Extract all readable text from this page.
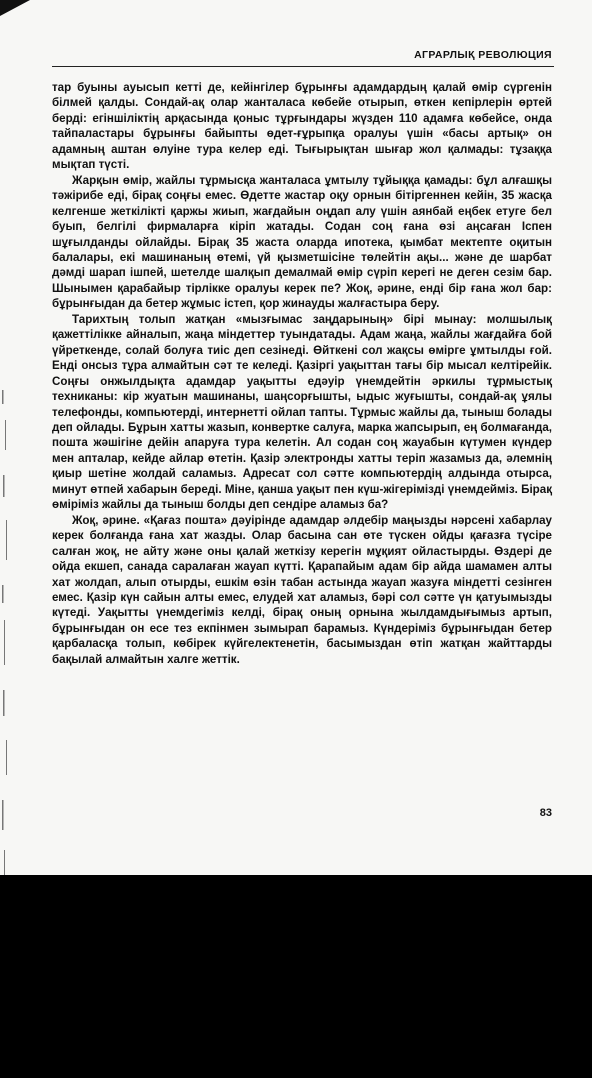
АГРАРЛЫҚ РЕВОЛЮЦИЯ

тар буыны ауысып кетті де, кейінгілер бұрынғы адамдардың қалай өмір сүргенін білмей қалды. Сондай-ақ олар жанталаса көбейе отырып, өткен кепірлерін өртей берді: егіншіліктің арқасында қоныс тұрғындары жүзден 110 адамға көбейсе, онда тайпаластары бұрынғы байыпты өдет-ғұрыпқа оралуы үшін «басы артық» он адамның аштан өлуіне тура келер еді. Тығырықтан шығар жол қалмады: тұзаққа мықтап түсті.

Жарқын өмір, жайлы тұрмысқа жанталаса ұмтылу тұйыққа қамады: бұл алғашқы тәжірибе еді, бірақ соңғы емес. Өдетте жастар оқу орнын бітіргеннен кейін, 35 жасқа келгенше жеткілікті қаржы жиып, жағдайын оңдап алу үшін аянбай еңбек етуге бел буып, белгілі фирмаларға кіріп жатады. Содан соң ғана өзі аңсаған Іспен шұғылданды ойлайды. Бірақ 35 жаста оларда ипотека, қымбат мектепте оқитын балалары, екі машинаның өтемі, үй қызметшісіне төлейтін ақы... және де шарбат дәмді шарап ішпей, шетелде шалқып демалмай өмір сүріп керегі не деген сезім бар. Шынымен қарабайыр тірлікке оралуы керек пе? Жоқ, әрине, енді бір ғана жол бар: бұрынғыдан да бетер жұмыс істеп, қор жинауды жалғастыра беру.

Тарихтың толып жатқан «мызғымас заңдарының» бірі мынау: молшылық қажеттілікке айналып, жаңа міндеттер туындатады. Адам жаңа, жайлы жағдайға бой үйреткенде, солай болуға тиіс деп сезінеді. Өйткені сол жақсы өмірге ұмтылды ғой. Енді онсыз тұра алмайтын сәт те келеді. Қазіргі уақыттан тағы бір мысал келтірейік. Соңғы онжылдықта адамдар уақытты едәуір үнемдейтін әркилы тұрмыстық техниканы: кір жуатын машинаны, шаңсорғышты, ыдыс жуғышты, сондай-ақ ұялы телефонды, компьютерді, интернетті ойлап тапты. Тұрмыс жайлы да, тыныш болады деп ойлады. Бұрын хатты жазып, конвертке салуға, марка жапсырып, ең болмағанда, пошта жәшігіне дейін апаруға тура келетін. Ал содан соң жауабын күтумен күндер мен апталар, кейде айлар өтетін. Қазір электронды хатты теріп жазамыз да, әлемнің қиыр шетіне жолдай саламыз. Адресат сол сәтте компьютердің алдында отырса, минут өтпей хабарын береді. Міне, қанша уақыт пен күш-жігерімізді үнемдейміз. Бірақ өміріміз жайлы да тыныш болды деп сендіре аламыз ба?

Жоқ, әрине. «Қағаз пошта» дәуірінде адамдар әлдебір маңызды нәрсені хабарлау керек болғанда ғана хат жазды. Олар басына сан өте түскен ойды қағазға түсіре салған жоқ, не айту және оны қалай жеткізу керегін мұқият ойластырды. Өздері де ойда екшеп, санада саралаған жауап күтті. Қарапайым адам бір айда шамамен алты хат жолдап, алып отырды, ешкім өзін табан астында жауап жазуға міндетті сезінген емес. Қазір күн сайын алты емес, елудей хат аламыз, бәрі сол сәтте үн қатуымызды күтеді. Уақытты үнемдегіміз келді, бірақ оның орнына жылдамдығымыз артып, бұрынғыдан он есе тез екпінмен зымырап барамыз. Күндеріміз бұрынғыдан бетер қарбаласқа толып, көбірек күйгелектенетін, басымыздан өтіп жатқан жайттарды бақылай алмайтын халге жеттік.

83
